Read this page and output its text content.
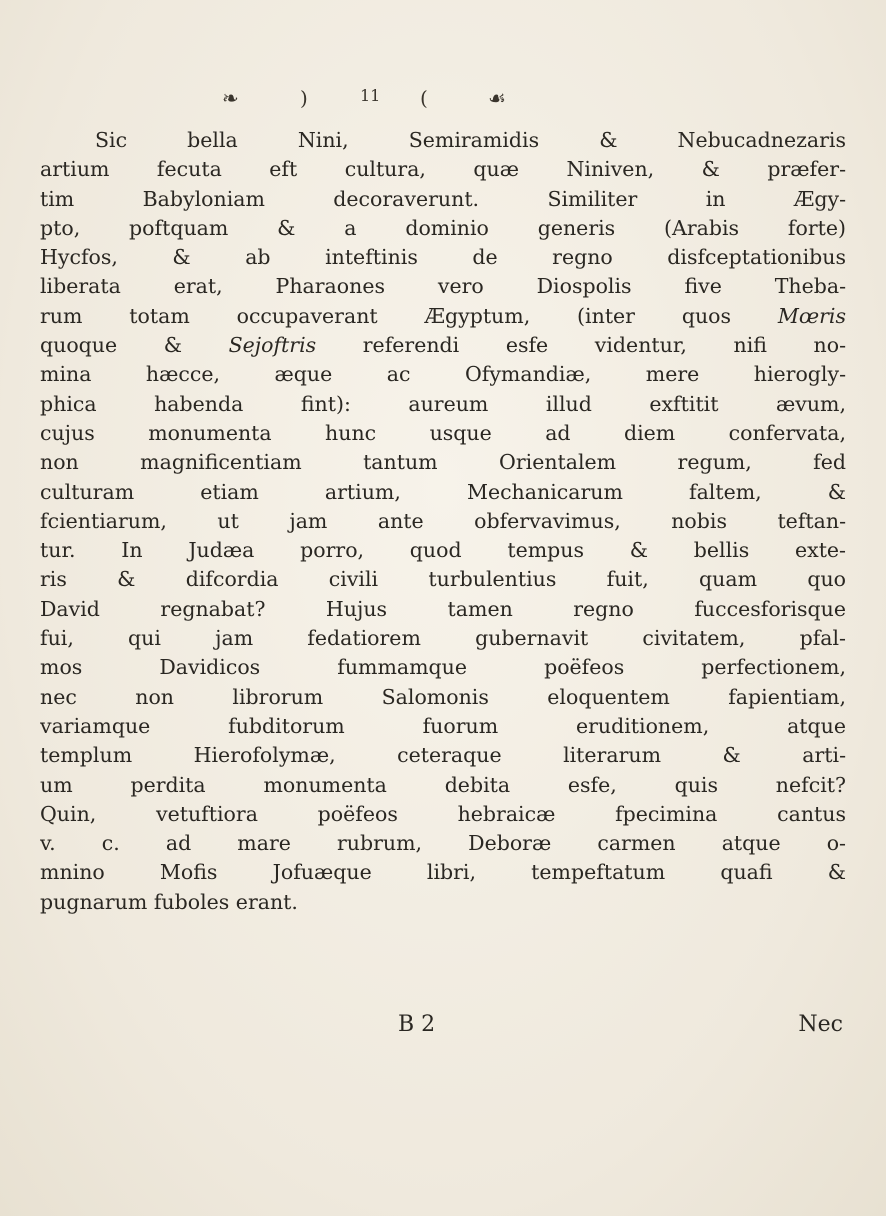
❧	)	11 (	☙
Sic bella Nini, Semiramidis & Nebucadnezaris
artium fecuta eft cultura, quæ Niniven, & præfer-
tim Babyloniam decoraverunt. Similiter in Ægy-
pto, poftquam & a dominio generis (Arabis forte)
Hycfos, & ab inteftinis de regno disfceptationibus
liberata erat, Pharaones vero Diospolis five Theba-
rum totam occupaverant Ægyptum, (inter quos Mœris
quoque & Sejoftris referendi esfe videntur, nifi no-
mina hæcce, æque ac Ofymandiæ, mere hierogly-
phica habenda fint): aureum illud exftitit ævum,
cujus monumenta hunc usque ad diem confervata,
non magnificentiam tantum Orientalem regum, fed
culturam etiam artium, Mechanicarum faltem, &
fcientiarum, ut jam ante obfervavimus, nobis teftan-
tur. In Judæa porro, quod tempus & bellis exte-
ris & difcordia civili turbulentius fuit, quam quo
David regnabat? Hujus tamen regno fuccesforisque
fui, qui jam fedatiorem gubernavit civitatem, pfal-
mos Davidicos fummamque poëfeos perfectionem,
nec non librorum Salomonis eloquentem fapientiam,
variamque fubditorum fuorum eruditionem, atque
templum Hierofolymæ, ceteraque literarum & arti-
um perdita monumenta debita esfe, quis nefcit?
Quin, vetuftiora poëfeos hebraicæ fpecimina cantus
v. c. ad mare rubrum, Deboræ carmen atque o-
mnino Mofis Jofuæque libri, tempeftatum quafi &
pugnarum fuboles erant.
B 2	Nec
